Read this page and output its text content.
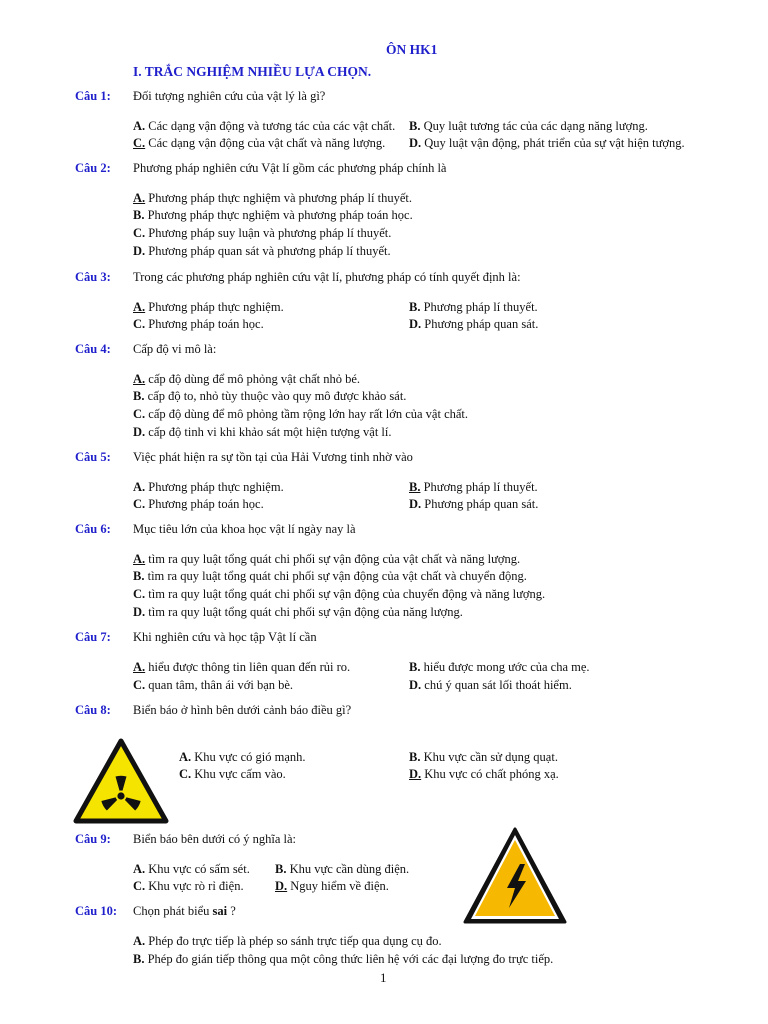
ÔN HK1
I. TRẮC NGHIỆM NHIỀU LỰA CHỌN.
Câu 1: Đối tượng nghiên cứu của vật lý là gì?
A. Các dạng vận động và tương tác của các vật chất. B. Quy luật tương tác của các dạng năng lượng.
C. Các dạng vận động của vật chất và năng lượng. D. Quy luật vận động, phát triển của sự vật hiện tượng.
Câu 2: Phương pháp nghiên cứu Vật lí gồm các phương pháp chính là
A. Phương pháp thực nghiệm và phương pháp lí thuyết.
B. Phương pháp thực nghiệm và phương pháp toán học.
C. Phương pháp suy luận và phương pháp lí thuyết.
D. Phương pháp quan sát và phương pháp lí thuyết.
Câu 3: Trong các phương pháp nghiên cứu vật lí, phương pháp có tính quyết định là:
A. Phương pháp thực nghiệm.	B. Phương pháp lí thuyết.
C. Phương pháp toán học.	D. Phương pháp quan sát.
Câu 4: Cấp độ vi mô là:
A. cấp độ dùng để mô phỏng vật chất nhỏ bé.
B. cấp độ to, nhỏ tùy thuộc vào quy mô được khảo sát.
C. cấp độ dùng để mô phỏng tầm rộng lớn hay rất lớn của vật chất.
D. cấp độ tinh vi khi khảo sát một hiện tượng vật lí.
Câu 5: Việc phát hiện ra sự tồn tại của Hải Vương tinh nhờ vào
A. Phương pháp thực nghiệm.	B. Phương pháp lí thuyết.
C. Phương pháp toán học.	D. Phương pháp quan sát.
Câu 6: Mục tiêu lớn của khoa học vật lí ngày nay là
A. tìm ra quy luật tổng quát chi phối sự vận động của vật chất và năng lượng.
B. tìm ra quy luật tổng quát chi phối sự vận động của vật chất và chuyển động.
C. tìm ra quy luật tổng quát chi phối sự vận động của chuyển động và năng lượng.
D. tìm ra quy luật tổng quát chi phối sự vận động của năng lượng.
Câu 7: Khi nghiên cứu và học tập Vật lí cần
A. hiểu được thông tin liên quan đến rủi ro.	B. hiểu được mong ước của cha mẹ.
C. quan tâm, thân ái với bạn bè.	D. chú ý quan sát lối thoát hiểm.
Câu 8: Biển báo ở hình bên dưới cảnh báo điều gì?
A. Khu vực có gió mạnh.	B. Khu vực cần sử dụng quạt.
C. Khu vực cấm vào.	D. Khu vực có chất phóng xạ.
Câu 9: Biển báo bên dưới có ý nghĩa là:
A. Khu vực có sấm sét. B. Khu vực cần dùng điện.
C. Khu vực rò rỉ điện.	D. Nguy hiểm về điện.
Câu 10: Chọn phát biểu sai ?
A. Phép đo trực tiếp là phép so sánh trực tiếp qua dụng cụ đo.
B. Phép đo gián tiếp thông qua một công thức liên hệ với các đại lượng đo trực tiếp.
1
